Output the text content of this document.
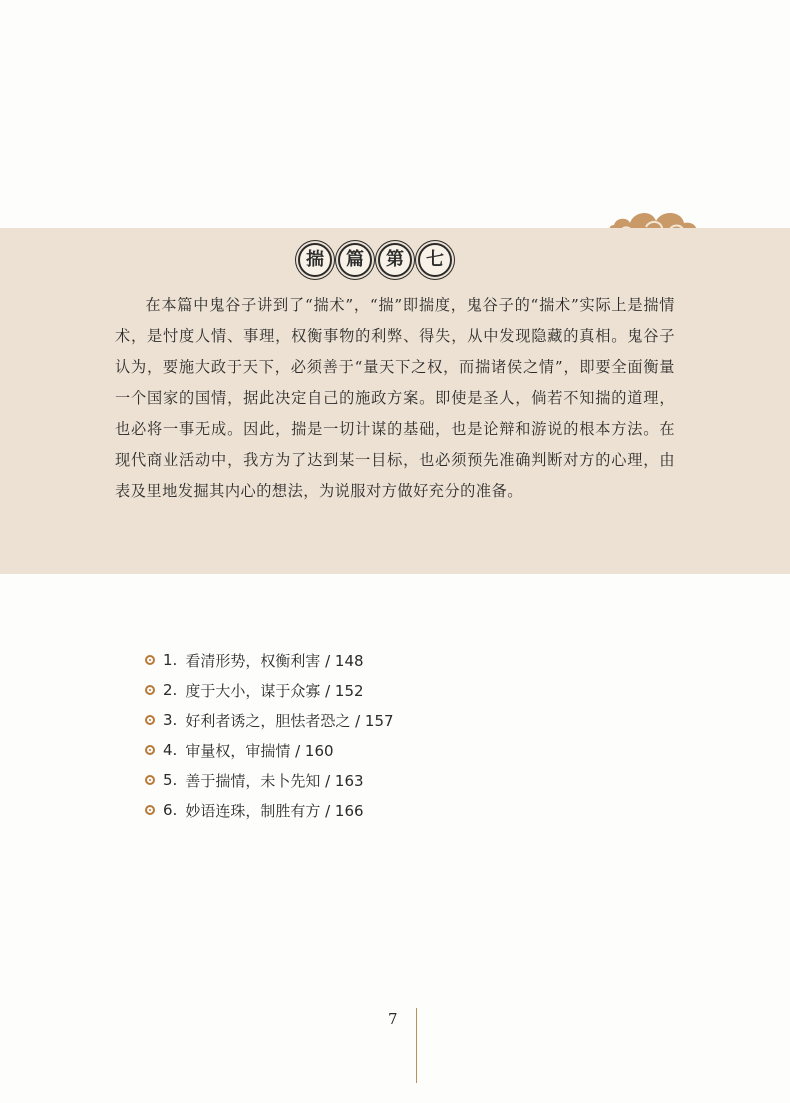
揣	篇	第	七

在本篇中鬼谷子讲到了“揣术”，“揣”即揣度，鬼谷子的“揣术”实际上是揣情术，是忖度人情、事理，权衡事物的利弊、得失，从中发现隐藏的真相。鬼谷子认为，要施大政于天下，必须善于“量天下之权，而揣诸侯之情”，即要全面衡量一个国家的国情，据此决定自己的施政方案。即使是圣人，倘若不知揣的道理，也必将一事无成。因此，揣是一切计谋的基础，也是论辩和游说的根本方法。在现代商业活动中，我方为了达到某一目标，也必须预先准确判断对方的心理，由表及里地发掘其内心的想法，为说服对方做好充分的准备。

1. 看清形势，权衡利害 / 148
2. 度于大小，谋于众寡 / 152
3. 好利者诱之，胆怯者恐之 / 157
4. 审量权，审揣情 / 160
5. 善于揣情，未卜先知 / 163
6. 妙语连珠，制胜有方 / 166
7
